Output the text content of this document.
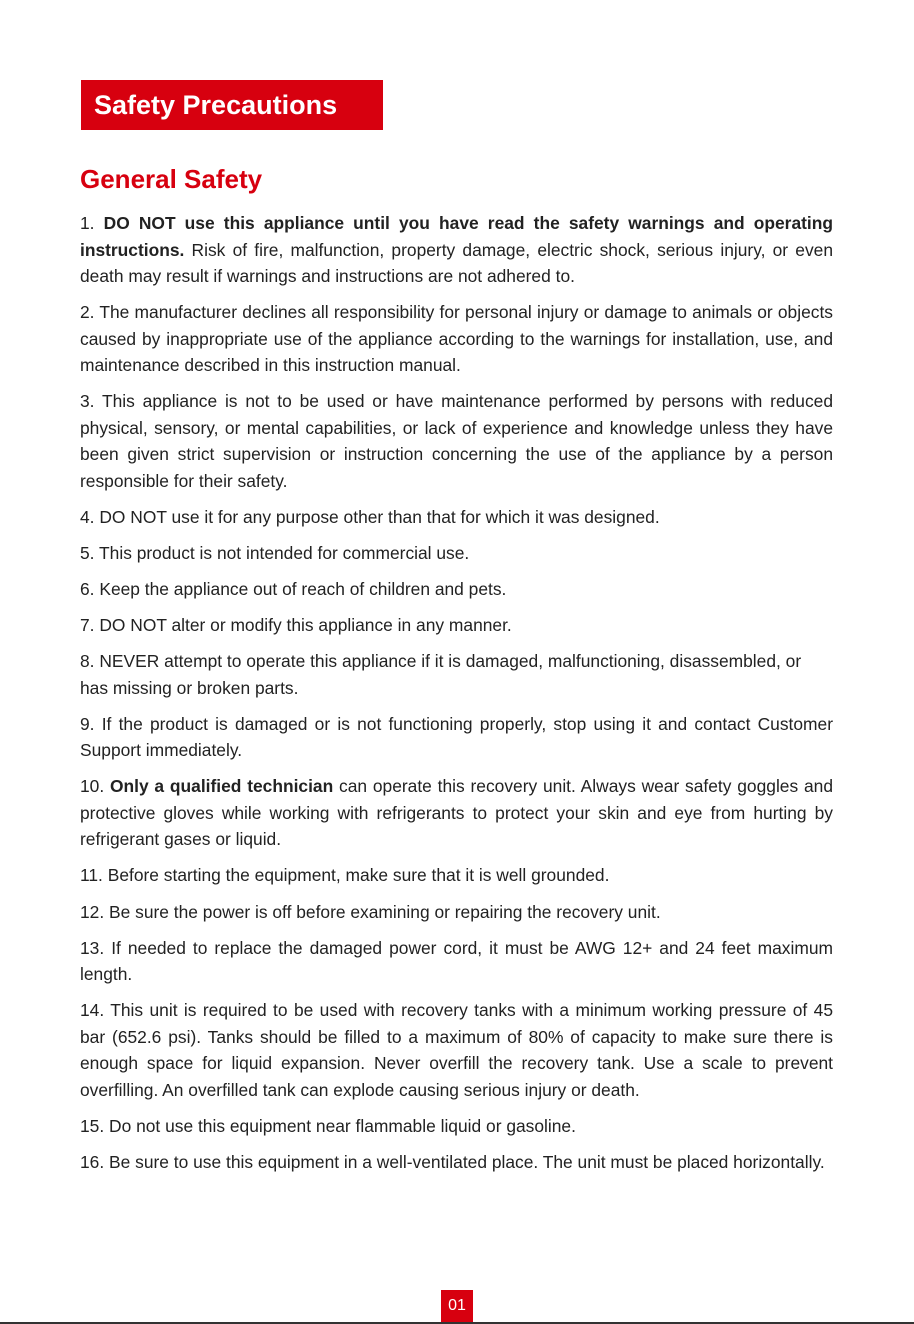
Safety Precautions
General Safety
1. DO NOT use this appliance until you have read the safety warnings and operating instructions. Risk of fire, malfunction, property damage, electric shock, serious injury, or even death may result if warnings and instructions are not adhered to.
2. The manufacturer declines all responsibility for personal injury or damage to animals or objects caused by inappropriate use of the appliance according to the warnings for installation, use, and maintenance described in this instruction manual.
3. This appliance is not to be used or have maintenance performed by persons with reduced physical, sensory, or mental capabilities, or lack of experience and knowledge unless they have been given strict supervision or instruction concerning the use of the appliance by a person responsible for their safety.
4. DO NOT use it for any purpose other than that for which it was designed.
5. This product is not intended for commercial use.
6. Keep the appliance out of reach of children and pets.
7. DO NOT alter or modify this appliance in any manner.
8. NEVER attempt to operate this appliance if it is damaged, malfunctioning, disassembled, or has missing or broken parts.
9. If the product is damaged or is not functioning properly, stop using it and contact Customer Support immediately.
10. Only a qualified technician can operate this recovery unit. Always wear safety goggles and protective gloves while working with refrigerants to protect your skin and eye from hurting by refrigerant gases or liquid.
11. Before starting the equipment, make sure that it is well grounded.
12. Be sure the power is off before examining or repairing the recovery unit.
13. If needed to replace the damaged power cord, it must be AWG 12+ and 24 feet maximum length.
14. This unit is required to be used with recovery tanks with a minimum working pressure of 45 bar (652.6 psi). Tanks should be filled to a maximum of 80% of capacity to make sure there is enough space for liquid expansion. Never overfill the recovery tank. Use a scale to prevent overfilling. An overfilled tank can explode causing serious injury or death.
15. Do not use this equipment near flammable liquid or gasoline.
16. Be sure to use this equipment in a well-ventilated place. The unit must be placed horizontally.
01
